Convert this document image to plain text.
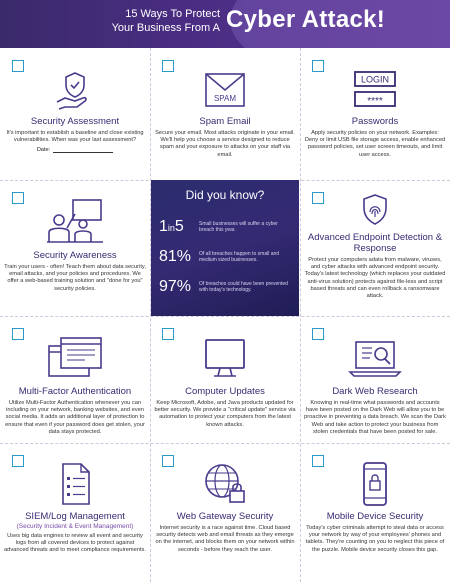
15 Ways To Protect
Your Business From A Cyber Attack!
Security Assessment
It's important to establish a baseline and close existing vulnerabilities. When was your last assessment?
Date:
SPAM
Spam Email
Secure your email. Most attacks originate in your email. We'll help you choose a service designed to reduce spam and your exposure to attacks on your staff via email.
LOGIN
****
Passwords
Apply security policies on your network. Examples: Deny or limit USB file storage access, enable enhanced password policies, set user screen timeouts, and limit user access.
Security Awareness
Train your users - often! Teach them about data security, email attacks, and your policies and procedures. We offer a web-based training solution and "done for you" security policies.
Advanced Endpoint Detection & Response
Protect your computers adata from malware, viruses, and cyber attacks with advanced endpoint security. Today's latest technology (which replaces your outdated anti-virus solution) protects against file-less and script based threats and can even rollback a ransomware attack.
Multi-Factor Authentication
Utilize Multi-Factor Authentication whenever you can including on your network, banking websites, and even social media. It adds an additional layer of protection to ensure that even if your password does get stolen, your data stays protected.
Computer Updates
Keep Microsoft, Adobe, and Java products updated for better security. We provide a "critical update" service via automation to protect your computers from the latest known attacks.
Dark Web Research
Knowing in real-time what passwords and accounts have been posted on the Dark Web will allow you to be proactive in preventing a data breach. We scan the Dark Web and take action to protect your business from stolen credentials that have been posted for sale.
SIEM/Log Management
(Security Incident & Event Management)
Uses big data engines to review all event and security logs from all covered devices to protect against advanced threats and to meet compliance requirements.
Web Gateway Security
Internet security is a race against time. Cloud based security detects web and email threats as they emerge on the internet, and blocks them on your network within seconds - before they reach the user.
Mobile Device Security
Today's cyber criminals attempt to steal data or access your network by way of your employees' phones and tablets. They're counting on you to neglect this piece of the puzzle. Mobile device security closes this gap.
Did you know?
1in5	Small businesses will suffer a cyber breach this year.
81%	Of all breaches happen to small and medium sized businesses.
97%	Of breaches could have been prevented with today's technology.
